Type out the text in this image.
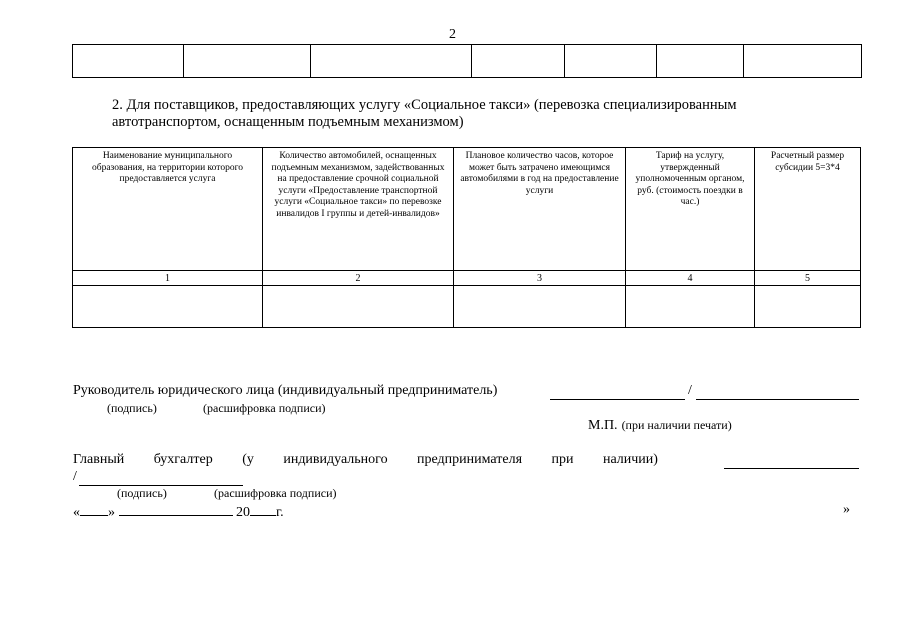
2

2. Для поставщиков, предоставляющих услугу «Социальное такси» (перевозка специализированным
автотранспортом, оснащенным подъемным механизмом)
Наименование муниципального образования, на территории которого предоставляется услуга	Количество автомобилей, оснащенных подъемным механизмом, задействованных на предоставление срочной социальной услуги «Предоставление транспортной услуги «Социальное такси» по перевозке инвалидов I группы и детей-инвалидов»	Плановое количество часов, которое может быть затрачено имеющимся автомобилями в год на предоставление услуги	Тариф на услугу, утвержденный уполномоченным органом, руб. (стоимость поездки в час.)	Расчетный размер субсидии 5=3*4
1	2	3	4	5

Руководитель юридического лица (индивидуальный предприниматель)	/
(подпись)	(расшифровка подписи)
М.П. (при наличии печати)
Главный бухгалтер (у индивидуального предпринимателя при наличии)
/
(подпись)	(расшифровка подписи)
« »	20 г.	»
